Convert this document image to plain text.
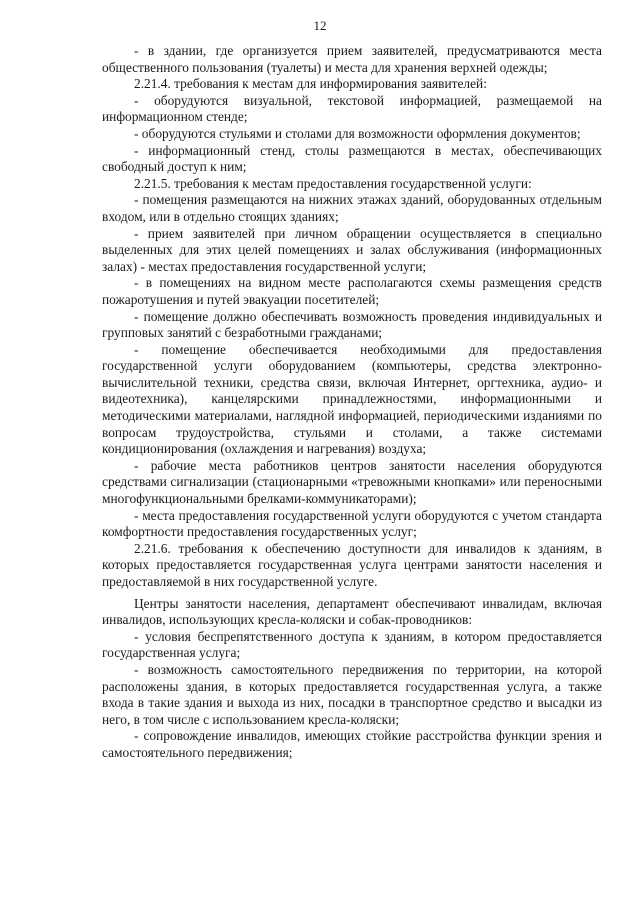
12

- в здании, где организуется прием заявителей, предусматриваются места общественного пользования (туалеты) и места для хранения верхней одежды;

2.21.4. требования к местам для информирования заявителей:

- оборудуются визуальной, текстовой информацией, размещаемой на информационном стенде;

- оборудуются стульями и столами для возможности оформления документов;

- информационный стенд, столы размещаются в местах, обеспечивающих свободный доступ к ним;

2.21.5. требования к местам предоставления государственной услуги:

- помещения размещаются на нижних этажах зданий, оборудованных отдельным входом, или в отдельно стоящих зданиях;

- прием заявителей при личном обращении осуществляется в специально выделенных для этих целей помещениях и залах обслуживания (информационных залах) - местах предоставления государственной услуги;

- в помещениях на видном месте располагаются схемы размещения средств пожаротушения и путей эвакуации посетителей;

- помещение должно обеспечивать возможность проведения индивидуальных и групповых занятий с безработными гражданами;

- помещение обеспечивается необходимыми для предоставления государственной услуги оборудованием (компьютеры, средства электронно-вычислительной техники, средства связи, включая Интернет, оргтехника, аудио- и видеотехника), канцелярскими принадлежностями, информационными и методическими материалами, наглядной информацией, периодическими изданиями по вопросам трудоустройства, стульями и столами, а также системами кондиционирования (охлаждения и нагревания) воздуха;

- рабочие места работников центров занятости населения оборудуются средствами сигнализации (стационарными «тревожными кнопками» или переносными многофункциональными брелками-коммуникаторами);

- места предоставления государственной услуги оборудуются с учетом стандарта комфортности предоставления государственных услуг;

2.21.6. требования к обеспечению доступности для инвалидов к зданиям, в которых предоставляется государственная услуга центрами занятости населения и предоставляемой в них государственной услуге.

Центры занятости населения, департамент обеспечивают инвалидам, включая инвалидов, использующих кресла-коляски и собак-проводников:

- условия беспрепятственного доступа к зданиям, в котором предоставляется государственная услуга;

- возможность самостоятельного передвижения по территории, на которой расположены здания, в которых предоставляется государственная услуга, а также входа в такие здания и выхода из них, посадки в транспортное средство и высадки из него, в том числе с использованием кресла-коляски;

- сопровождение инвалидов, имеющих стойкие расстройства функции зрения и самостоятельного передвижения;
